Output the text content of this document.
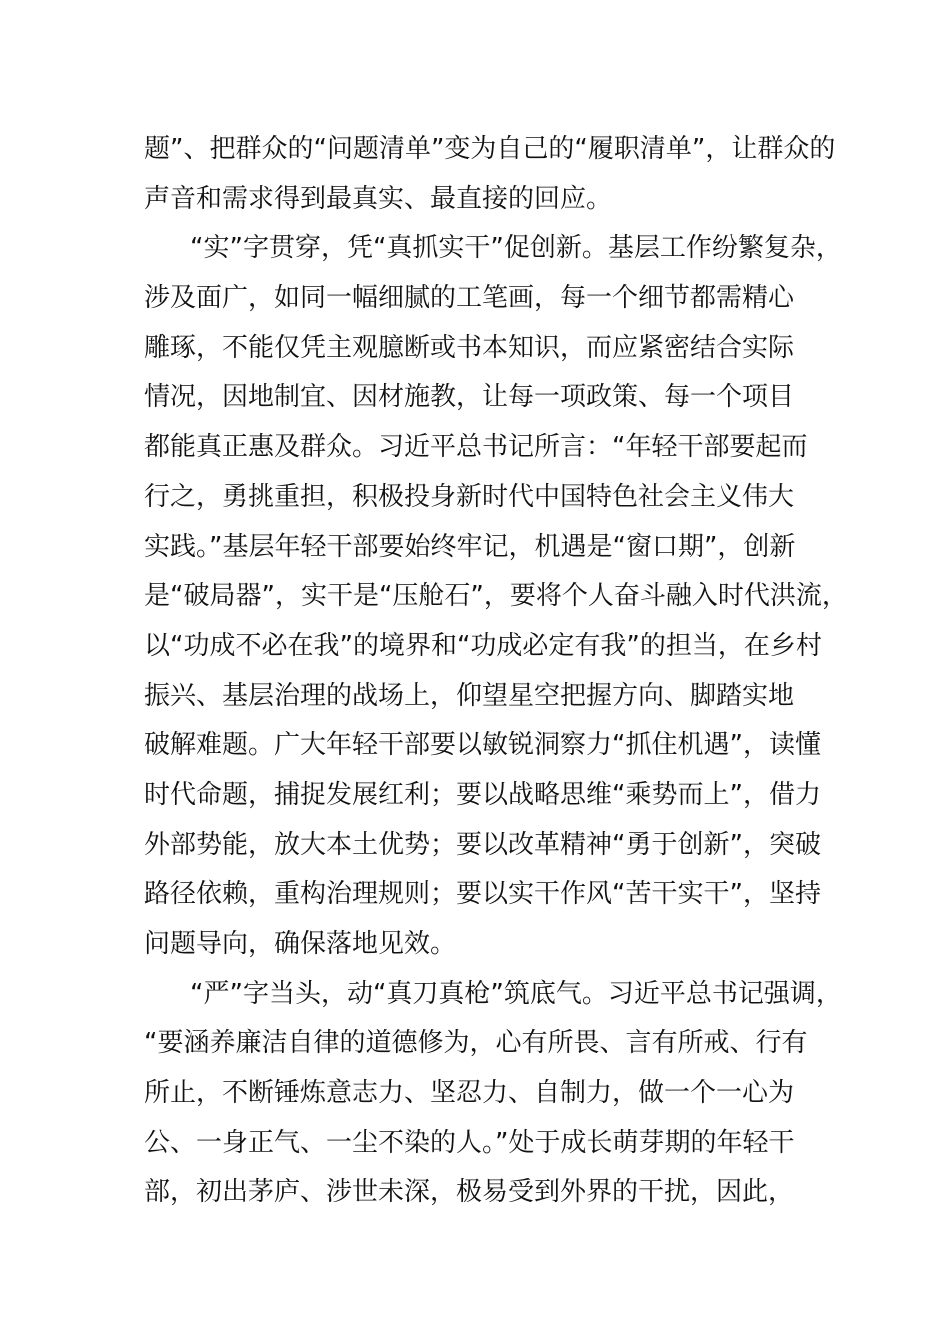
题”、把群众的“问题清单”变为自己的“履职清单”，让群众的
声音和需求得到最真实、最直接的回应。
“实”字贯穿，凭“真抓实干”促创新。基层工作纷繁复杂，
涉及面广，如同一幅细腻的工笔画，每一个细节都需精心
雕琢，不能仅凭主观臆断或书本知识，而应紧密结合实际
情况，因地制宜、因材施教，让每一项政策、每一个项目
都能真正惠及群众。习近平总书记所言：“年轻干部要起而
行之，勇挑重担，积极投身新时代中国特色社会主义伟大
实践。”基层年轻干部要始终牢记，机遇是“窗口期”，创新
是“破局器”，实干是“压舱石”，要将个人奋斗融入时代洪流，
以“功成不必在我”的境界和“功成必定有我”的担当，在乡村
振兴、基层治理的战场上，仰望星空把握方向、脚踏实地
破解难题。广大年轻干部要以敏锐洞察力“抓住机遇”，读懂
时代命题，捕捉发展红利；要以战略思维“乘势而上”，借力
外部势能，放大本土优势；要以改革精神“勇于创新”，突破
路径依赖，重构治理规则；要以实干作风“苦干实干”，坚持
问题导向，确保落地见效。
“严”字当头，动“真刀真枪”筑底气。习近平总书记强调，
“要涵养廉洁自律的道德修为，心有所畏、言有所戒、行有
所止，不断锤炼意志力、坚忍力、自制力，做一个一心为
公、一身正气、一尘不染的人。”处于成长萌芽期的年轻干
部，初出茅庐、涉世未深，极易受到外界的干扰，因此，
